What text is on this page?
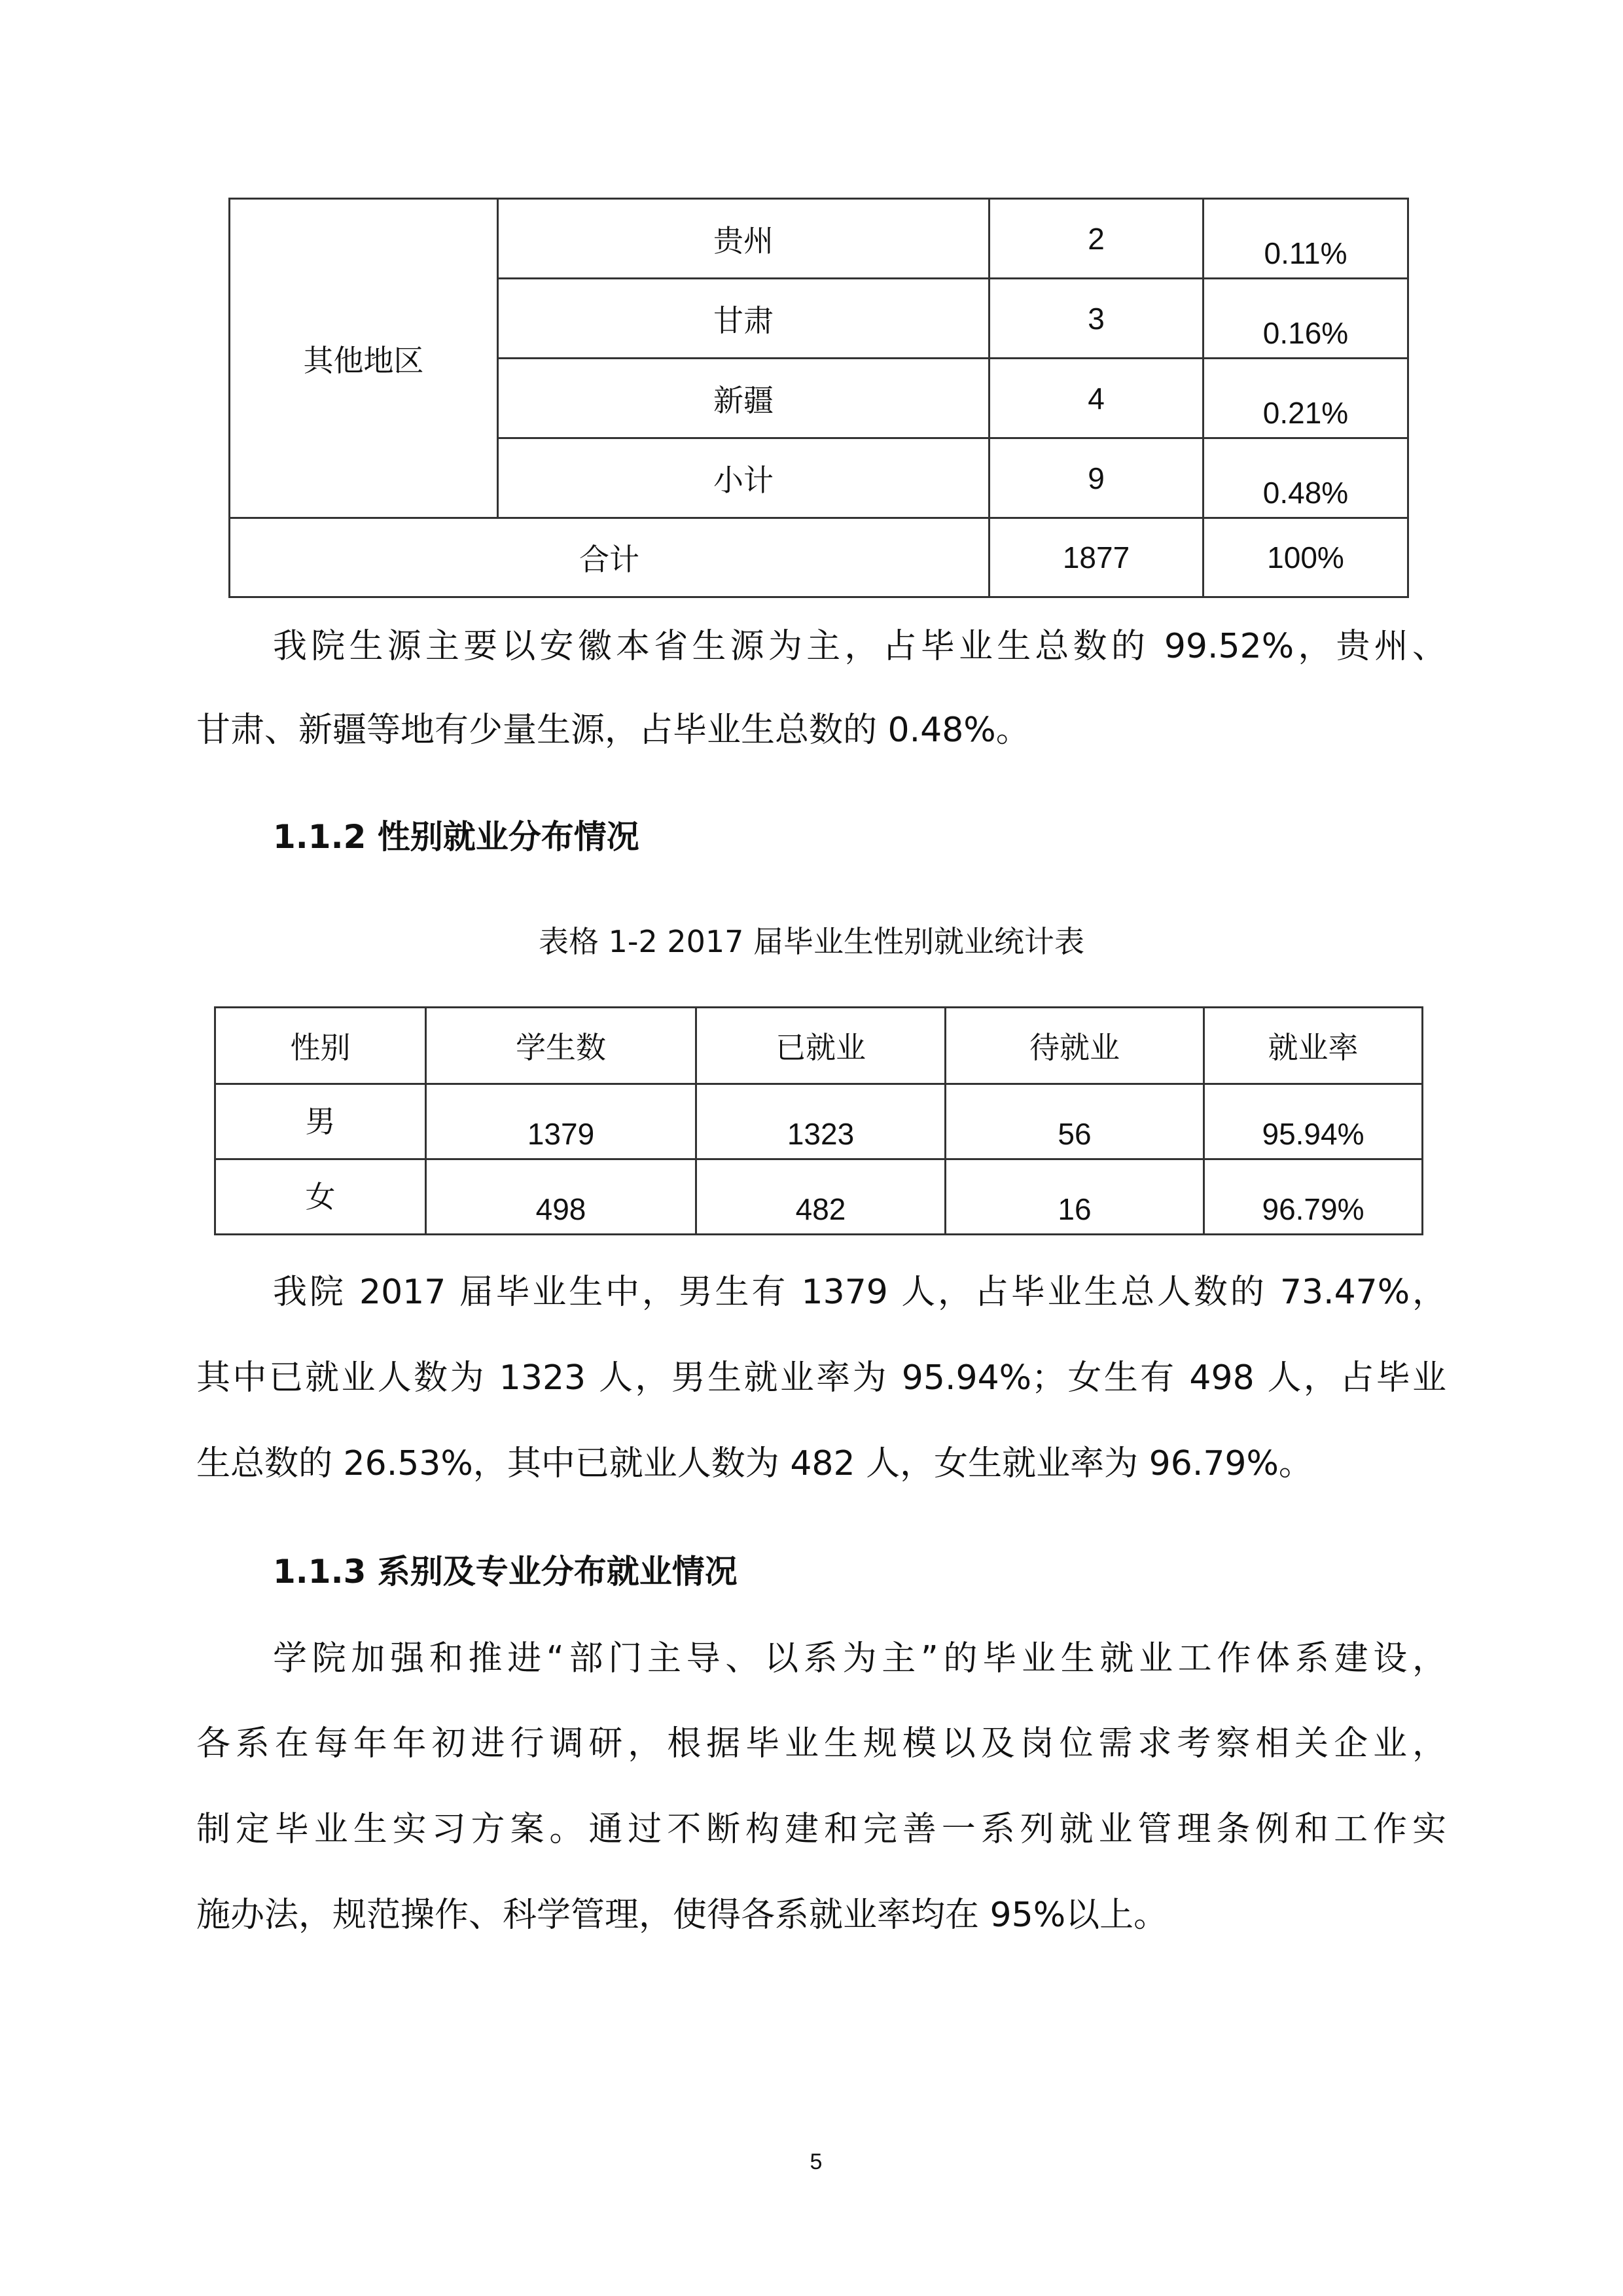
其他地区	贵州	2	0.11%
	甘肃	3	0.16%
	新疆	4	0.21%
	小计	9	0.48%
合计		1877	100%
我院生源主要以安徽本省生源为主，占毕业生总数的 99.52%，贵州、
甘肃、新疆等地有少量生源，占毕业生总数的 0.48%。
1.1.2 性别就业分布情况
表格 1-2 2017 届毕业生性别就业统计表
性别	学生数	已就业	待就业	就业率
男	1379	1323	56	95.94%
女	498	482	16	96.79%
我院 2017 届毕业生中，男生有 1379 人，占毕业生总人数的 73.47%，
其中已就业人数为 1323 人，男生就业率为 95.94%；女生有 498 人，占毕业
生总数的 26.53%，其中已就业人数为 482 人，女生就业率为 96.79%。
1.1.3 系别及专业分布就业情况
学院加强和推进“部门主导、以系为主”的毕业生就业工作体系建设，
各系在每年年初进行调研，根据毕业生规模以及岗位需求考察相关企业，
制定毕业生实习方案。通过不断构建和完善一系列就业管理条例和工作实
施办法，规范操作、科学管理，使得各系就业率均在 95%以上。
5
